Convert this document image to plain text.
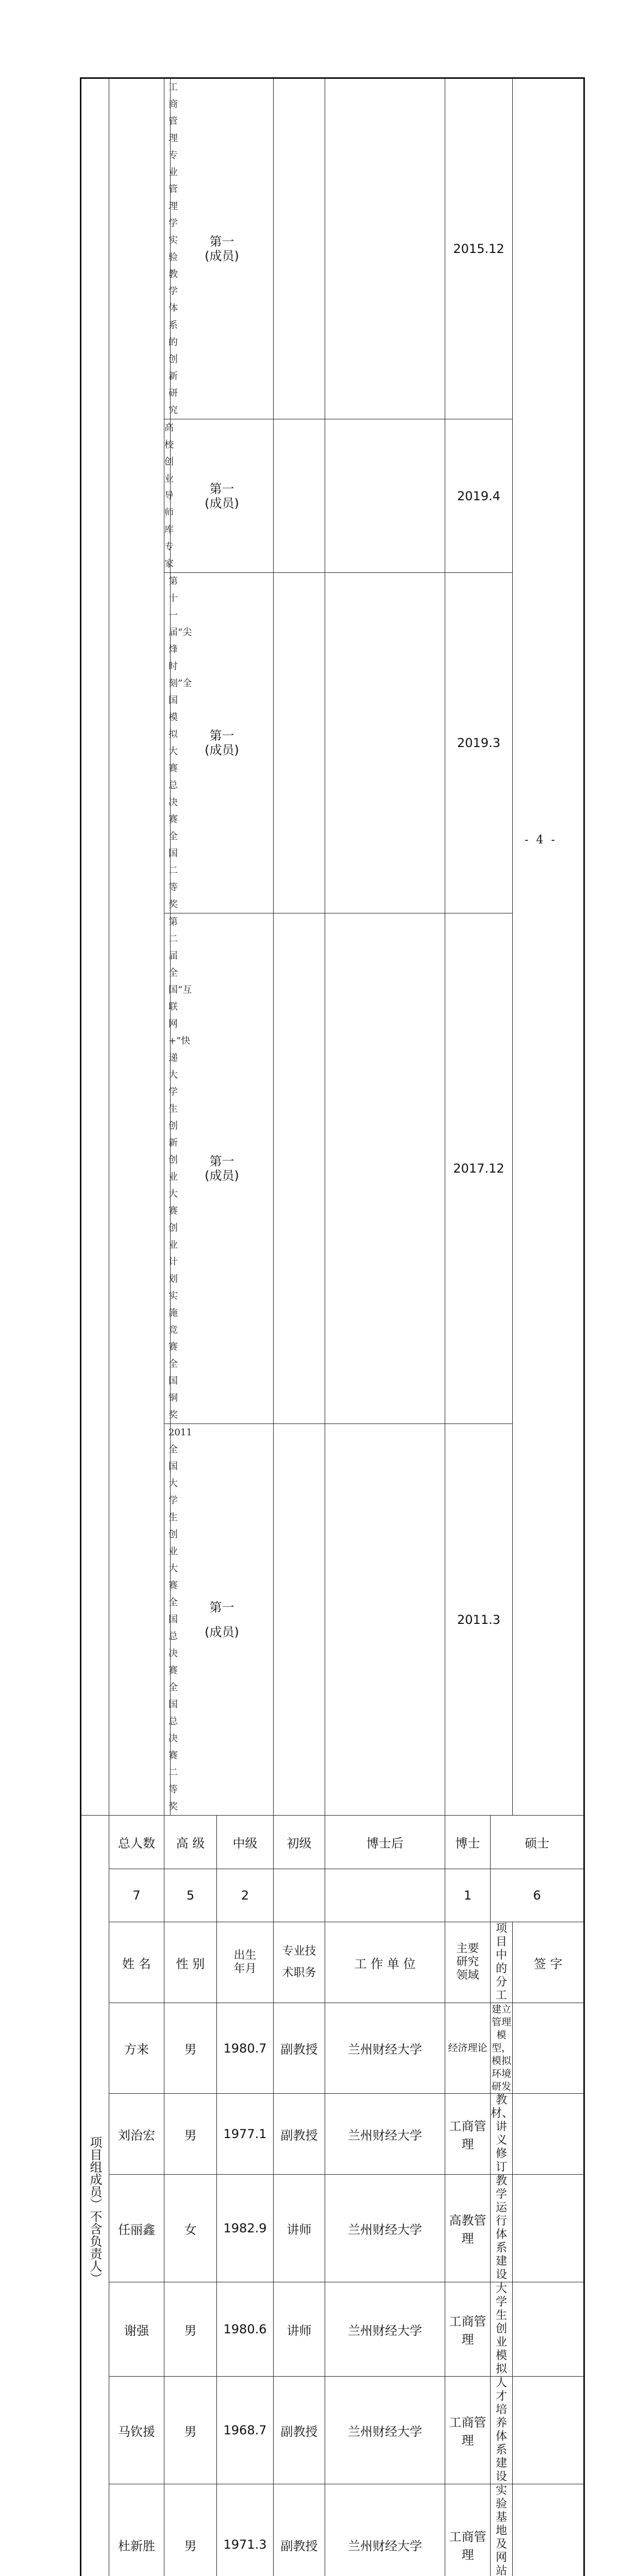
		工商管理专业管理学实验教学体系的创新研究	第一
(成员)				2015.12		
		高校创业导师库专家	第一
(成员)				2019.4		
		第十一届“尖烽时刻”全国模拟大赛总决赛全国二等奖	第一
(成员)				2019.3		
		第二届全国“互联网+”快递大学生创新创业大赛创业计划实施竞赛全国铜奖	第一
(成员)				2017.12		
		2011 全国大学生创业大赛全国总决赛全国总决赛二等奖	第一
(成员)				2011.3		

项目组成员︶不含负责人︶	总人数	高 级		中级	初级	博士后	博士	硕士	
	7	5		2			1	6	
	姓 名	性 别		出生年月	专业技术职务	工 作 单 位	主要研究领域	项目中的分工	签 字
	方来	男		1980.7	副教授	兰州财经大学	经济理论	建立管理模型，模拟环境研发	
	刘治宏	男		1977.1	副教授	兰州财经大学	工商管理	教材、讲义修订	
	任丽鑫	女		1982.9	讲师	兰州财经大学	高教管理	教学运行体系建设	
	谢强	男		1980.6	讲师	兰州财经大学	工商管理	大学生创业模拟	
	马钦援	男		1968.7	副教授	兰州财经大学	工商管理	人才培养体系建设	
	杜新胜	男		1971.3	副教授	兰州财经大学	工商管理	实验基地及网站	
- 4 -
